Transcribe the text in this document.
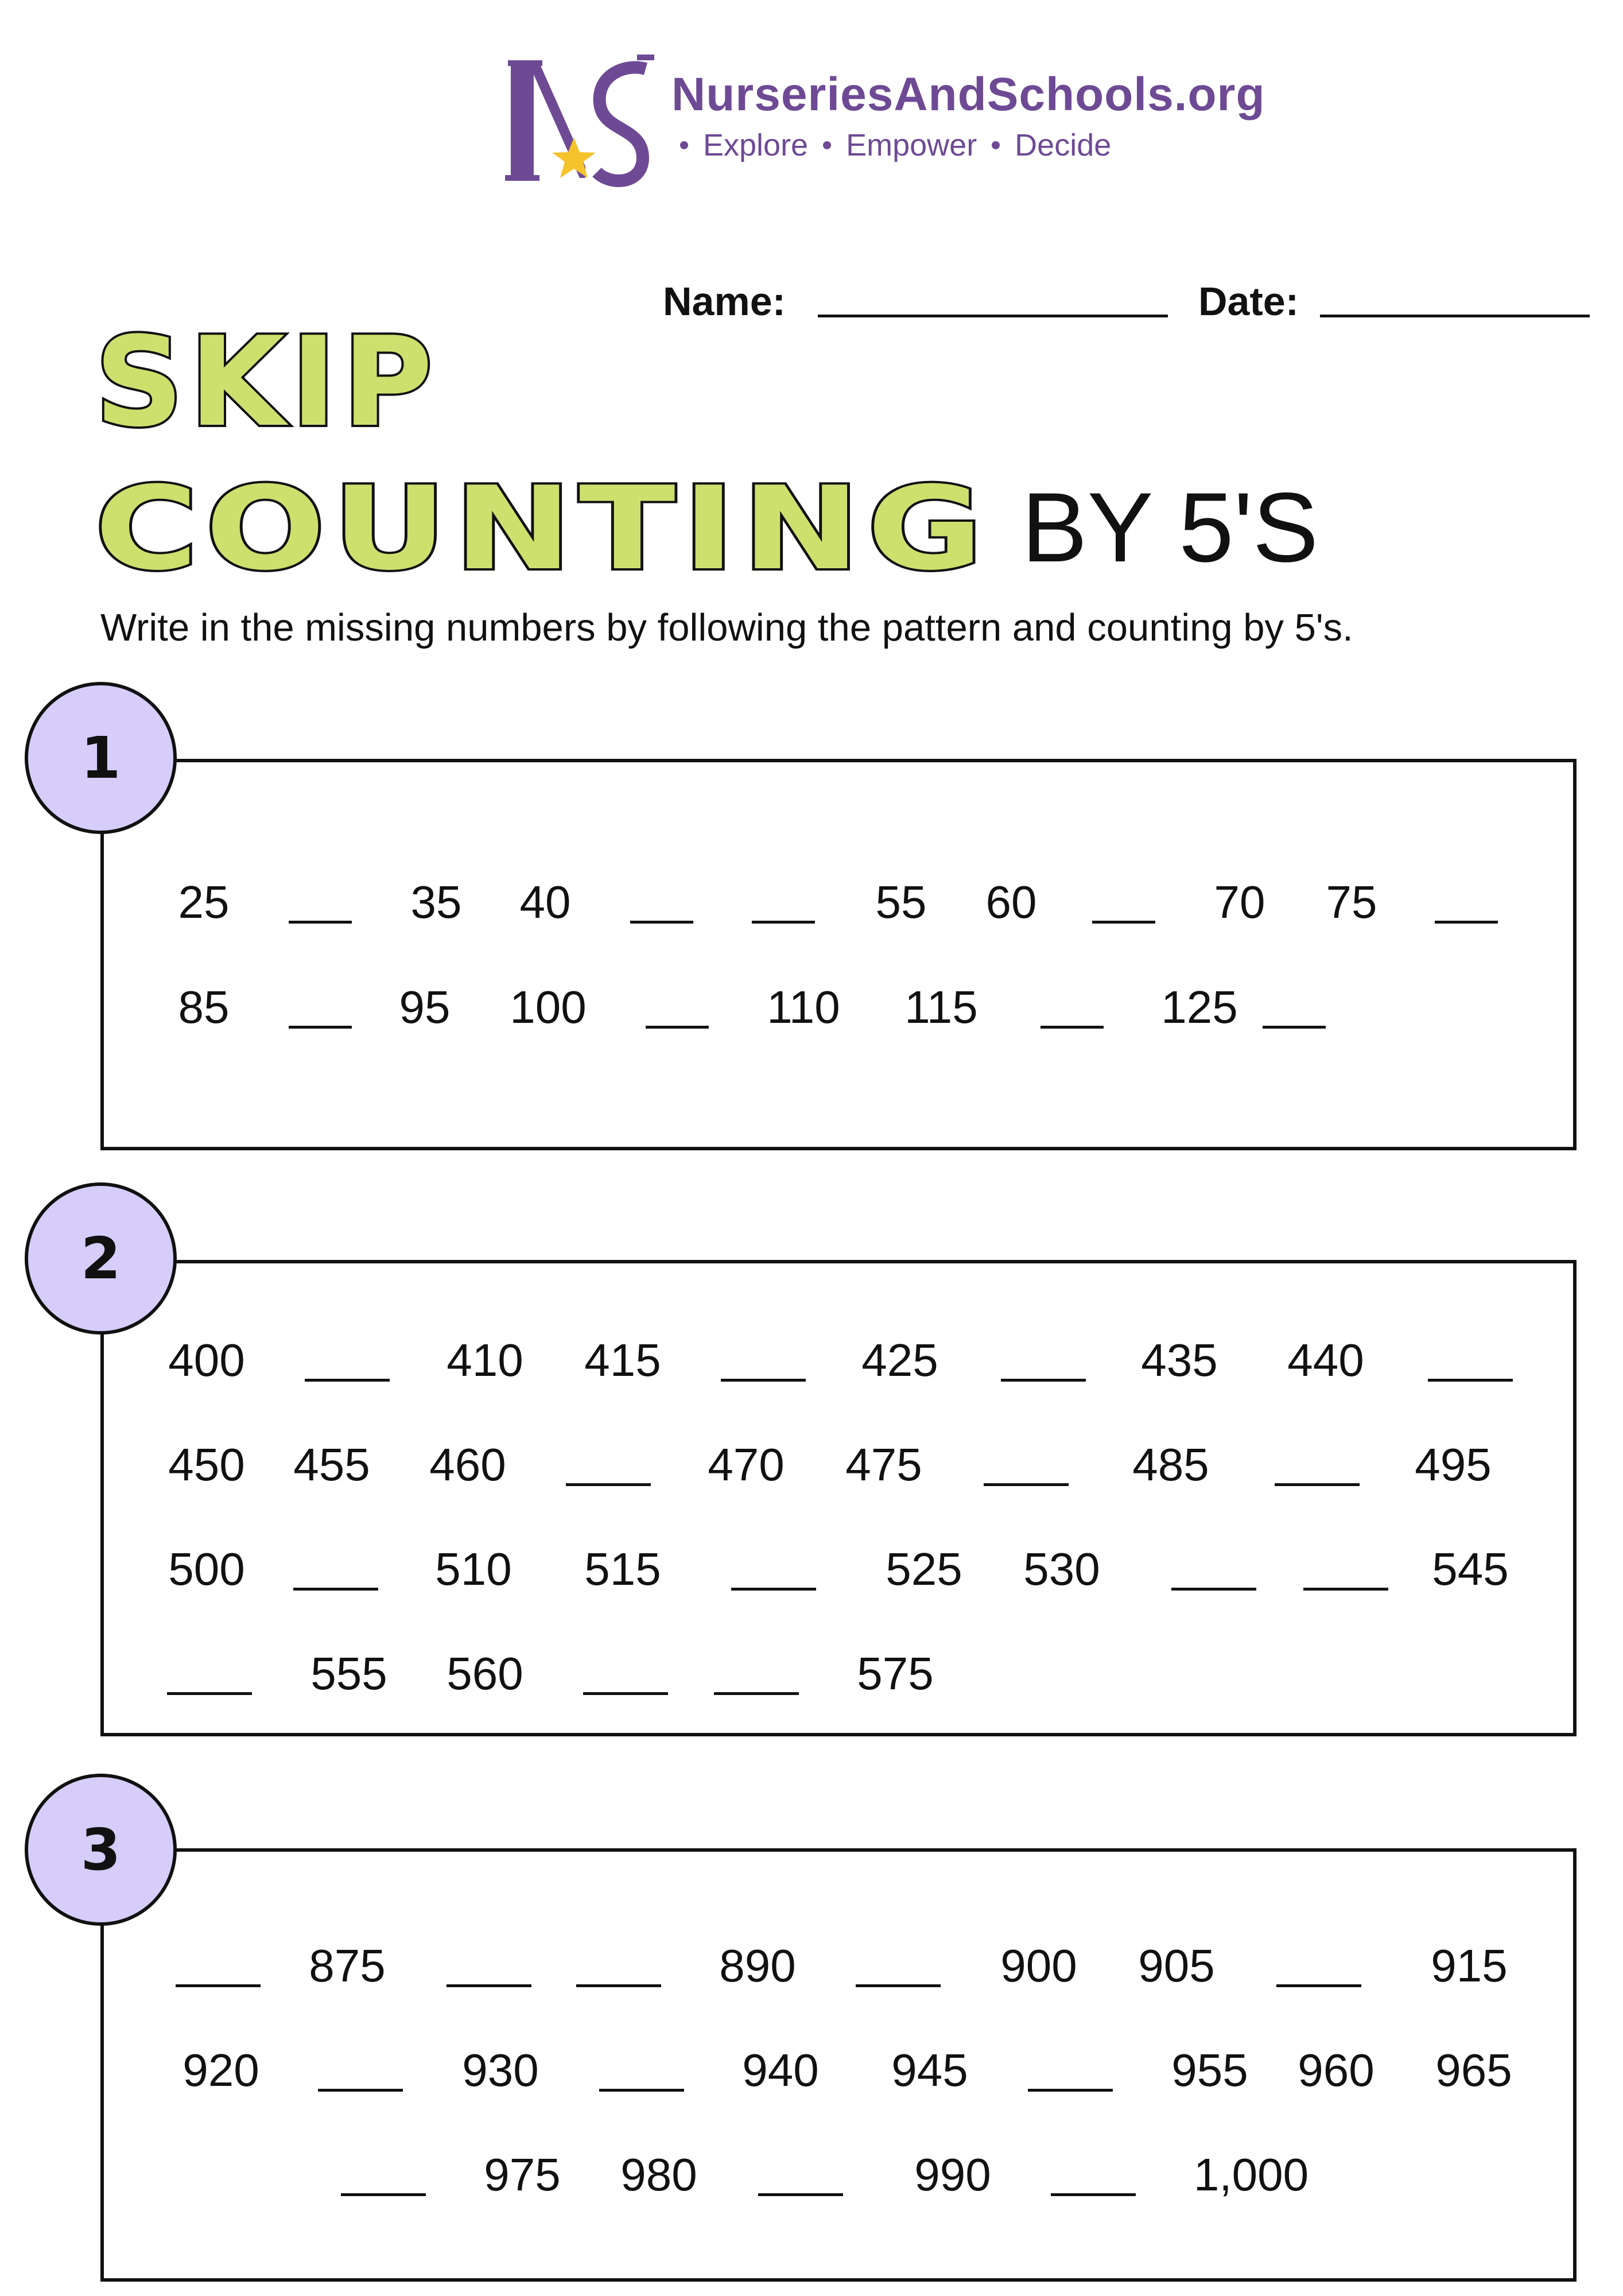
NurseriesAndSchools.org
Explore Empower Decide
Name:	Date:
SKIP
COUNTING BY 5'S
Write in the missing numbers by following the pattern and counting by 5's.
1
25	35 40	55 60	70 75
85	95 100	110 115	125
2
400	410 415	425	435 440
450 455 460	470 475	485	495
500	510 515	525 530	545
555 560	575
3
875	890	900 905	915
920	930	940 945	955 960 965
975 980	990	1,000
